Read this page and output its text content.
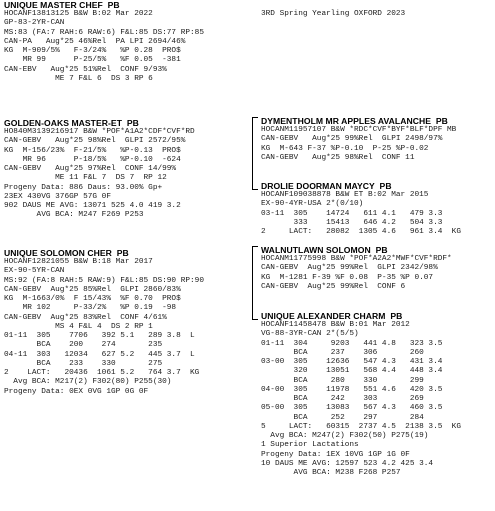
3RD Spring Yearling OXFORD 2023
UNIQUE MASTER CHEF  PB
HOCANF13813125 B&W B:02 Mar 2022
GP-83-2YR-CAN
MS:83 (FA:7 RAH:6 RAW:6) F&L:85 DS:77 RP:85
CAN-PA   Aug*25 46%Rel  PA LPI 2694/46%
KG  M-909/5%   F-3/24%   %P 0.28  PRO$
MR 99      P-25/5%   %F 0.05  -381
CAN-EBV   Aug*25 51%Rel  CONF 9/93%
ME 7 F&L 6  DS 3 RP 6
GOLDEN-OAKS MASTER-ET  PB
HO840M3139216917 B&W *POF*A1A2*CDF*CVF*RD
CAN-GEBV   Aug*25 98%Rel  GLPI 2572/95%
KG  M-156/23%  F-21/5%   %P-0.13  PRO$
MR 96      P-18/5%   %P-0.10  -624
CAN-GEBV   Aug*25 97%Rel  CONF 14/99%
ME 11 F&L 7  DS 7  RP 12
Progeny Data: 886 Daus: 93.00% Gp+
23EX 430VG 376GP 57G 0F
902 DAUS ME AVG: 13071 525 4.0 419 3.2
AVG BCA: M247 F269 P253
UNIQUE SOLOMON CHER  PB
HOCANF12821055 B&W B:18 Mar 2017
EX-90-5YR-CAN
MS:92 (FA:8 RAH:5 RAW:9) F&L:85 DS:90 RP:90
CAN-GEBV  Aug*25 85%Rel  GLPI 2860/83%
KG  M-1663/0%  F 15/43%  %F 0.70  PRO$
MR 102     P-33/2%   %P 0.19  -98
CAN-GEBV  Aug*25 83%Rel  CONF 4/61%
MS 4 F&L 4  DS 2 RP 1
01-11  305    7706   392 5.1   289 3.8  L
BCA    200    274       235
04-11  303   12034   627 5.2   445 3.7  L
BCA    233    330       275
2    LACT:   20436  1061 5.2   764 3.7  KG
Avg BCA: M217(2) F302(80) P255(30)
Progeny Data: 0EX 0VG 1GP 0G 0F
DYMENTHOLM MR APPLES AVALANCHE  PB
HOCANM11957107 B&W *RDC*CVF*BYF*BLF*DPF MB
CAN-GEBV   Aug*25 99%Rel  GLPI 2498/97%
KG  M-643 F-37 %P-0.10  P-25 %P-0.02
CAN-GEBV   Aug*25 98%Rel  CONF 11
DROLIE DOORMAN MAYCY  PB
HOCANF109038878 B&W ET B:02 Mar 2015
EX-90-4YR-USA 2*(0/10)
03-11  305    14724   611 4.1   479 3.3
333    15413   646 4.2   504 3.3
2     LACT:   28082  1305 4.6   961 3.4  KG
WALNUTLAWN SOLOMON  PB
HOCANM11775998 B&W *POF*A2A2*MWF*CVF*RDF*
CAN-GEBV  Aug*25 99%Rel  GLPI 2342/98%
KG  M-1281 F-39 %F 0.08  P-35 %P 0.07
CAN-GEBV  Aug*25 99%Rel  CONF 6
UNIQUE ALEXANDER CHARM  PB
HOCANF11458478 B&W B:01 Mar 2012
VG-88-3YR-CAN 2*(5/5)
01-11  304     9203   441 4.8   323 3.5
BCA     237    306       260
03-00  305    12636   547 4.3   431 3.4
320    13051   568 4.4   448 3.4
BCA     280    330       299
04-00  305    11978   551 4.6   420 3.5
BCA     242    303       269
05-00  305    13083   567 4.3   460 3.5
BCA     252    297       284
5     LACT:   60315  2737 4.5  2138 3.5  KG
Avg BCA: M247(2) F302(50) P275(19)
1 Superior Lactations
Progeny Data: 1EX 10VG 1GP 1G 0F
10 DAUS ME AVG: 12597 523 4.2 425 3.4
AVG BCA: M238 F268 P257
